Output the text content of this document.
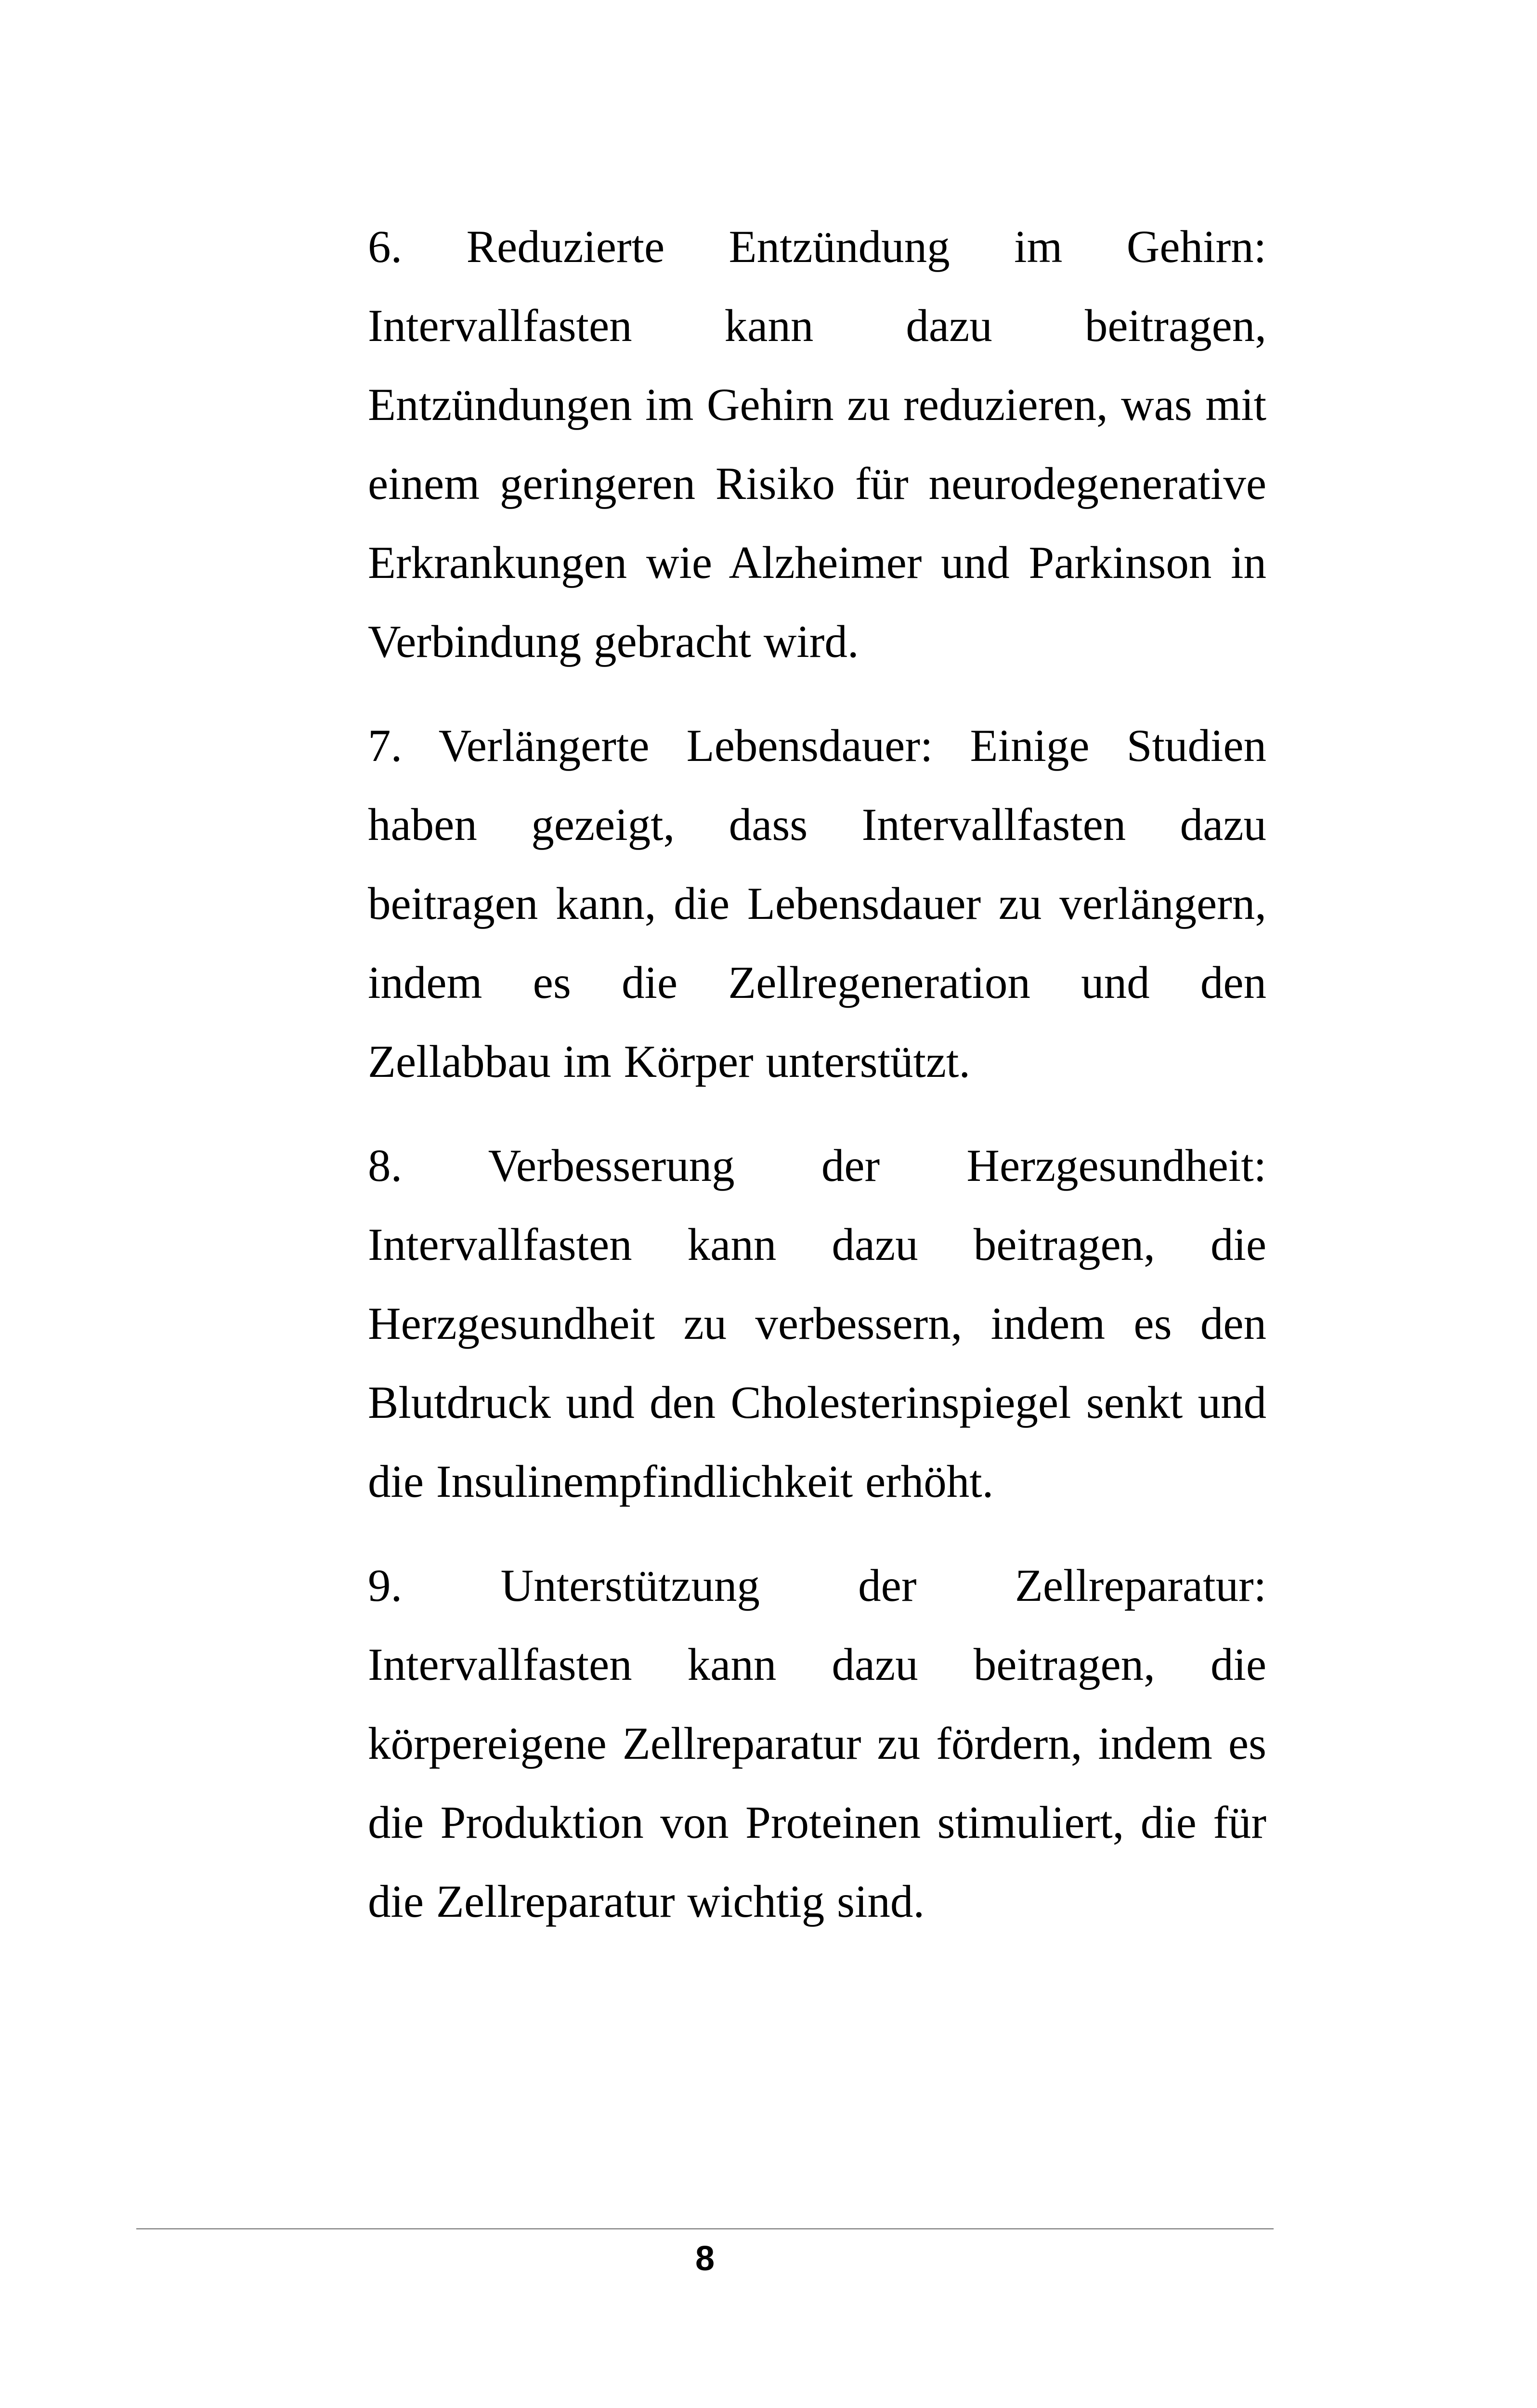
6. Reduzierte Entzündung im Gehirn: Intervallfasten kann dazu beitragen, Entzündungen im Gehirn zu reduzieren, was mit einem geringeren Risiko für neurodegenerative Erkrankungen wie Alzheimer und Parkinson in Verbindung gebracht wird.

7. Verlängerte Lebensdauer: Einige Studien haben gezeigt, dass Intervallfasten dazu beitragen kann, die Lebensdauer zu verlängern, indem es die Zellregeneration und den Zellabbau im Körper unterstützt.

8. Verbesserung der Herzgesundheit: Intervallfasten kann dazu beitragen, die Herzgesundheit zu verbessern, indem es den Blutdruck und den Cholesterinspiegel senkt und die Insulinempfindlichkeit erhöht.

9. Unterstützung der Zellreparatur: Intervallfasten kann dazu beitragen, die körpereigene Zellreparatur zu fördern, indem es die Produktion von Proteinen stimuliert, die für die Zellreparatur wichtig sind.

8
